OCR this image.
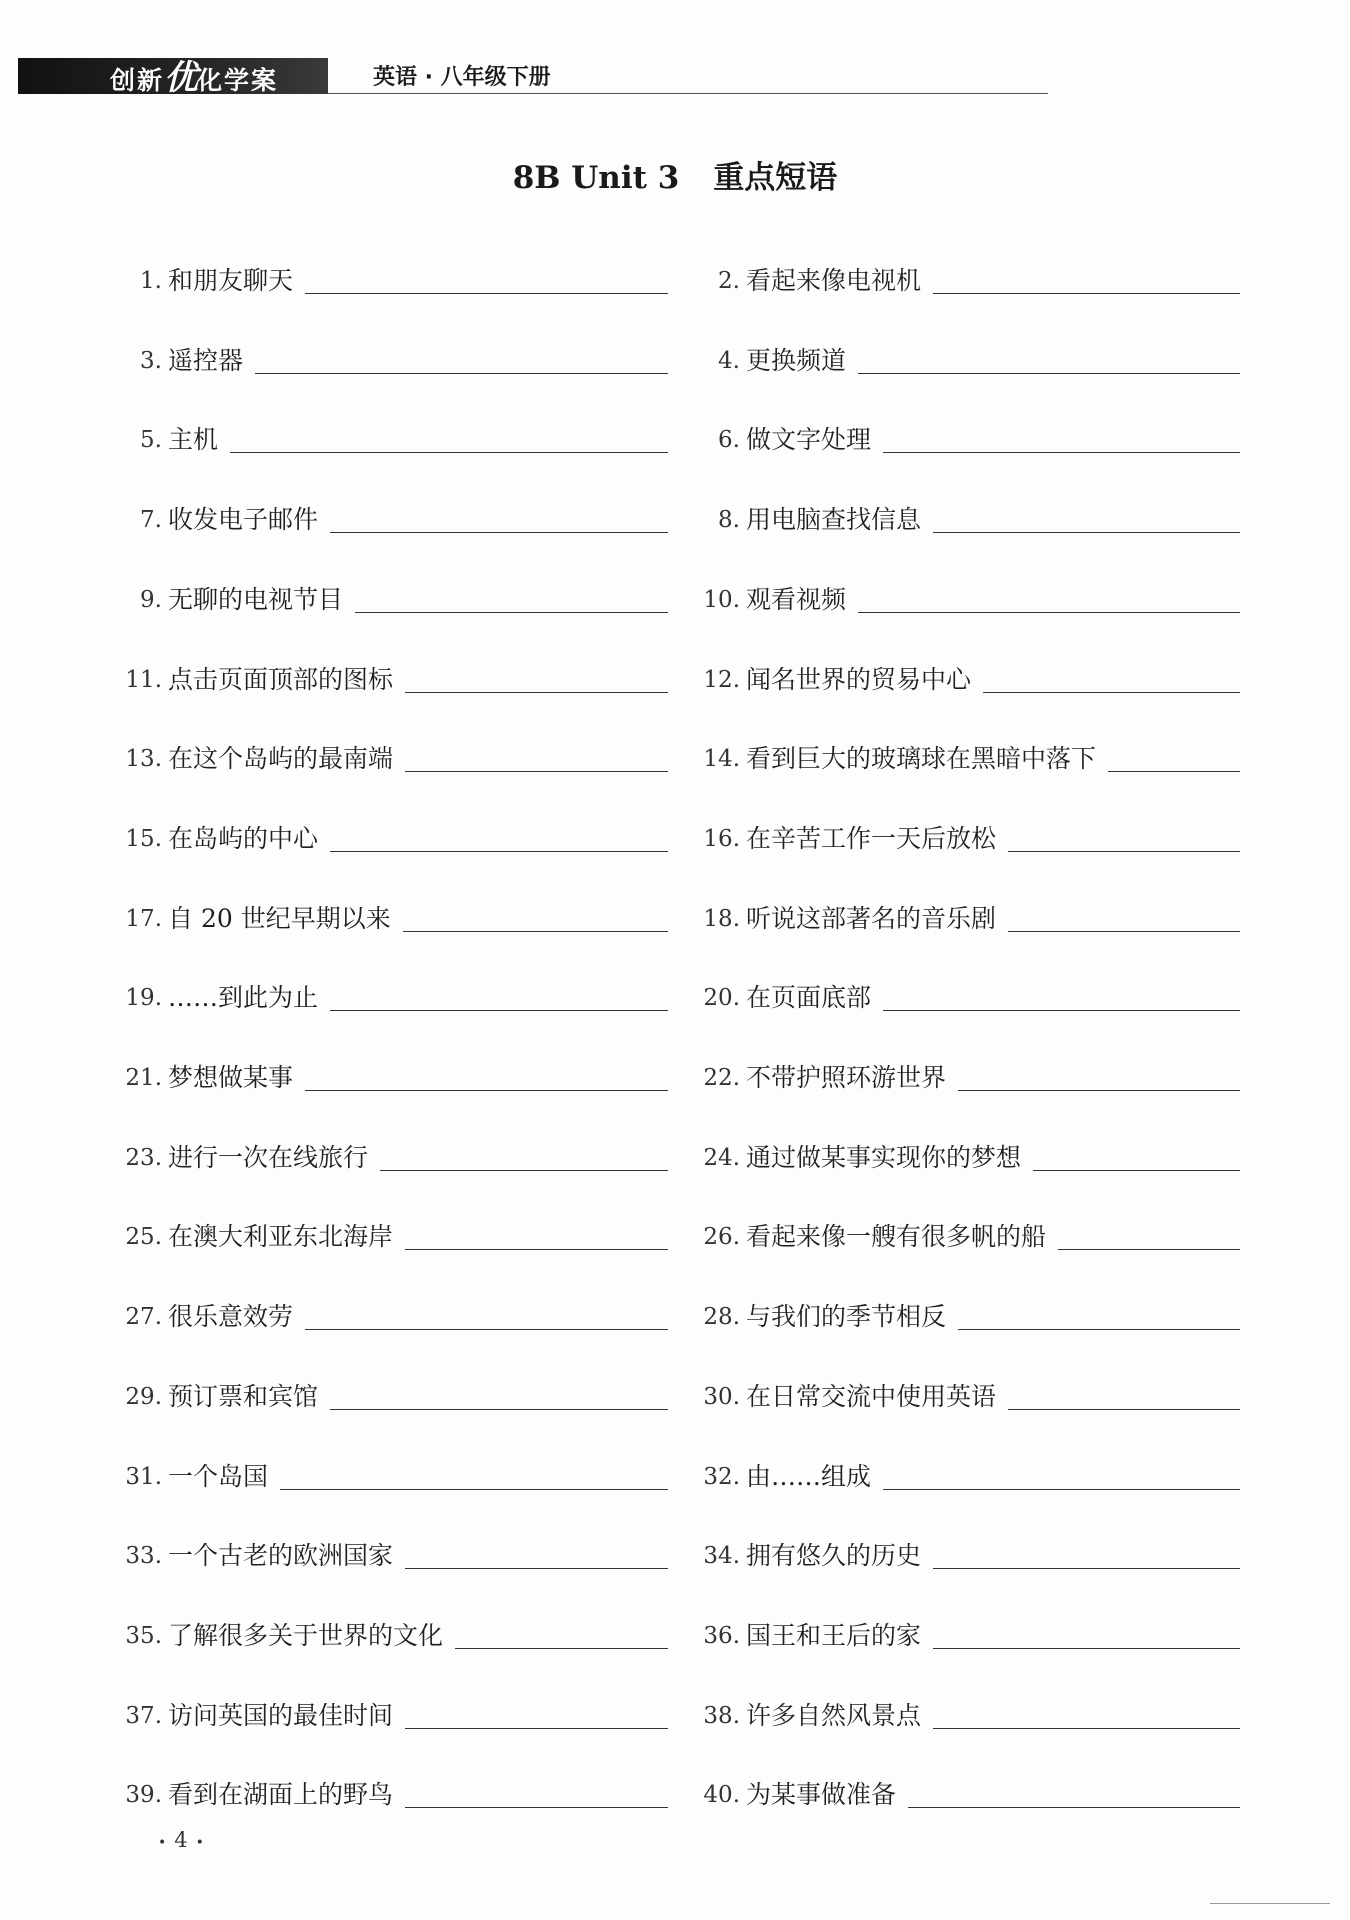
创新优化学案	英语 · 八年级下册
8B Unit 3 重点短语
1. 和朋友聊天	2. 看起来像电视机
3. 遥控器	4. 更换频道
5. 主机	6. 做文字处理
7. 收发电子邮件	8. 用电脑查找信息
9. 无聊的电视节目	10. 观看视频
11. 点击页面顶部的图标	12. 闻名世界的贸易中心
13. 在这个岛屿的最南端	14. 看到巨大的玻璃球在黑暗中落下
15. 在岛屿的中心	16. 在辛苦工作一天后放松
17. 自 20 世纪早期以来	18. 听说这部著名的音乐剧
19. ……到此为止	20. 在页面底部
21. 梦想做某事	22. 不带护照环游世界
23. 进行一次在线旅行	24. 通过做某事实现你的梦想
25. 在澳大利亚东北海岸	26. 看起来像一艘有很多帆的船
27. 很乐意效劳	28. 与我们的季节相反
29. 预订票和宾馆	30. 在日常交流中使用英语
31. 一个岛国	32. 由……组成
33. 一个古老的欧洲国家	34. 拥有悠久的历史
35. 了解很多关于世界的文化	36. 国王和王后的家
37. 访问英国的最佳时间	38. 许多自然风景点
39. 看到在湖面上的野鸟	40. 为某事做准备
• 4 •
